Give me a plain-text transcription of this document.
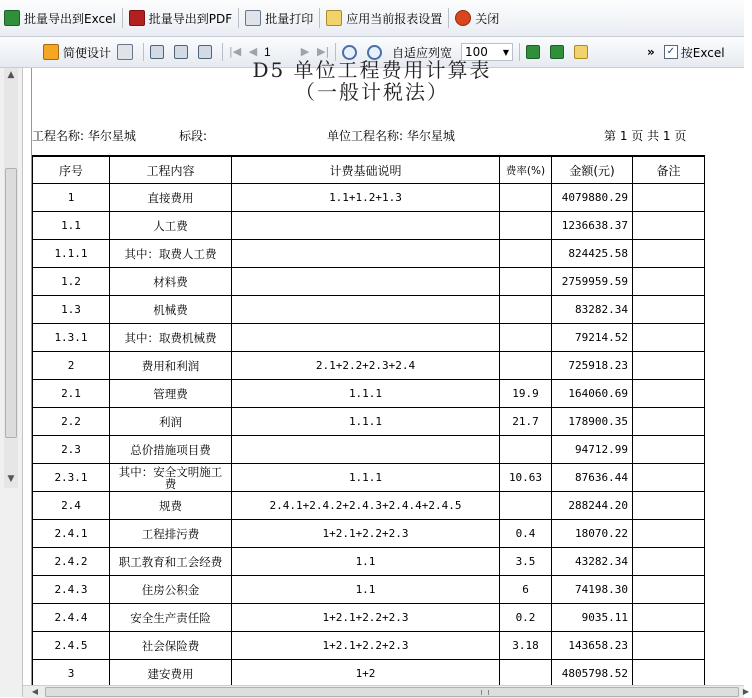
批量导出到Excel	批量导出到PDF	批量打印	应用当前报表设置	关闭
简便设计	|◀ ◀
1	▶ ▶|	自适应列宽 100 ▼	» ✓ 按Excel
▲
▼
D5 单位工程费用计算表
（一般计税法）
工程名称: 华尔星城	标段:	单位工程名称: 华尔星城	第 1 页 共 1 页
序号	工程内容	计费基础说明	费率(%)	金额(元)	备注
1	直接费用	1.1+1.2+1.3		4079880.29	
1.1	人工费			1236638.37	
1.1.1	其中：取费人工费			824425.58	
1.2	材料费			2759959.59	
1.3	机械费			83282.34	
1.3.1	其中：取费机械费			79214.52	
2	费用和利润	2.1+2.2+2.3+2.4		725918.23	
2.1	管理费	1.1.1	19.9	164060.69	
2.2	利润	1.1.1	21.7	178900.35	
2.3	总价措施项目费			94712.99	
2.3.1	其中：安全文明施工费	1.1.1	10.63	87636.44	
2.4	规费	2.4.1+2.4.2+2.4.3+2.4.4+2.4.5		288244.20	
2.4.1	工程排污费	1+2.1+2.2+2.3	0.4	18070.22	
2.4.2	职工教育和工会经费	1.1	3.5	43282.34	
2.4.3	住房公积金	1.1	6	74198.30	
2.4.4	安全生产责任险	1+2.1+2.2+2.3	0.2	9035.11	
2.4.5	社会保险费	1+2.1+2.2+2.3	3.18	143658.23	
3	建安费用	1+2		4805798.52	
◀	▶
